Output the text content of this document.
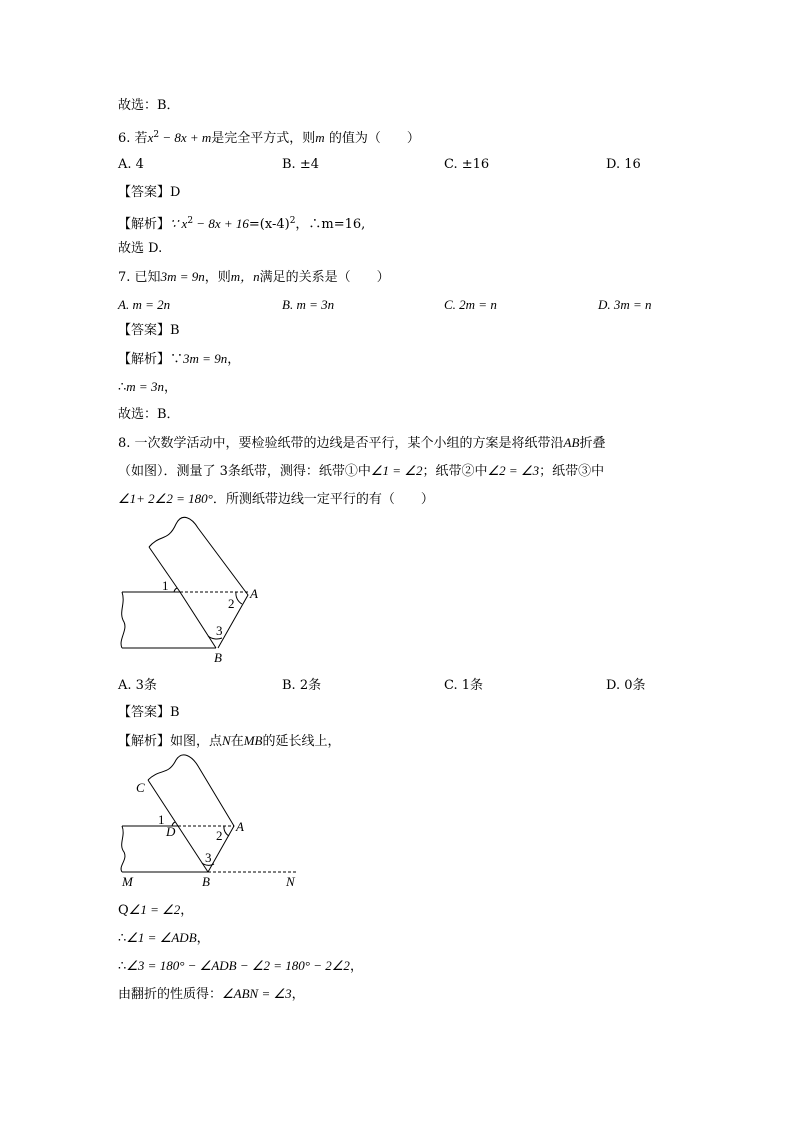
故选：B．
6. 若$x^2 - 8x + m$是完全平方式，则m 的值为（　　）
A. 4	B. ±4	C. ±16	D. 16
【答案】D
【解析】∵ $x^2 - 8x + 16=(x-4)^2$，∴m=16,
故选 D.
7. 已知3m = 9n，则m，n满足的关系是（　　）
A. m = 2n	B. m = 3n	C. 2m = n	D. 3m = n
【答案】B
【解析】∵3m = 9n，
∴m = 3n，
故选：B．
8. 一次数学活动中，要检验纸带的边线是否平行，某个小组的方案是将纸带沿AB折叠
（如图）．测量了 3条纸带，测得：纸带①中∠1 = ∠2；纸带②中∠2 = ∠3；纸带③中
∠1+ 2∠2 = 180°．所测纸带边线一定平行的有（　　）
1
2
3
A
B
A. 3条	B. 2条	C. 1条	D. 0条
【答案】B
【解析】如图，点N在MB的延长线上，
C
1
D	A
2
3
M	B	N
Q∠1 = ∠2，
∴∠1 = ∠ADB，
∴∠3 = 180° − ∠ADB − ∠2 = 180° − 2∠2，
由翻折的性质得：∠ABN = ∠3，
